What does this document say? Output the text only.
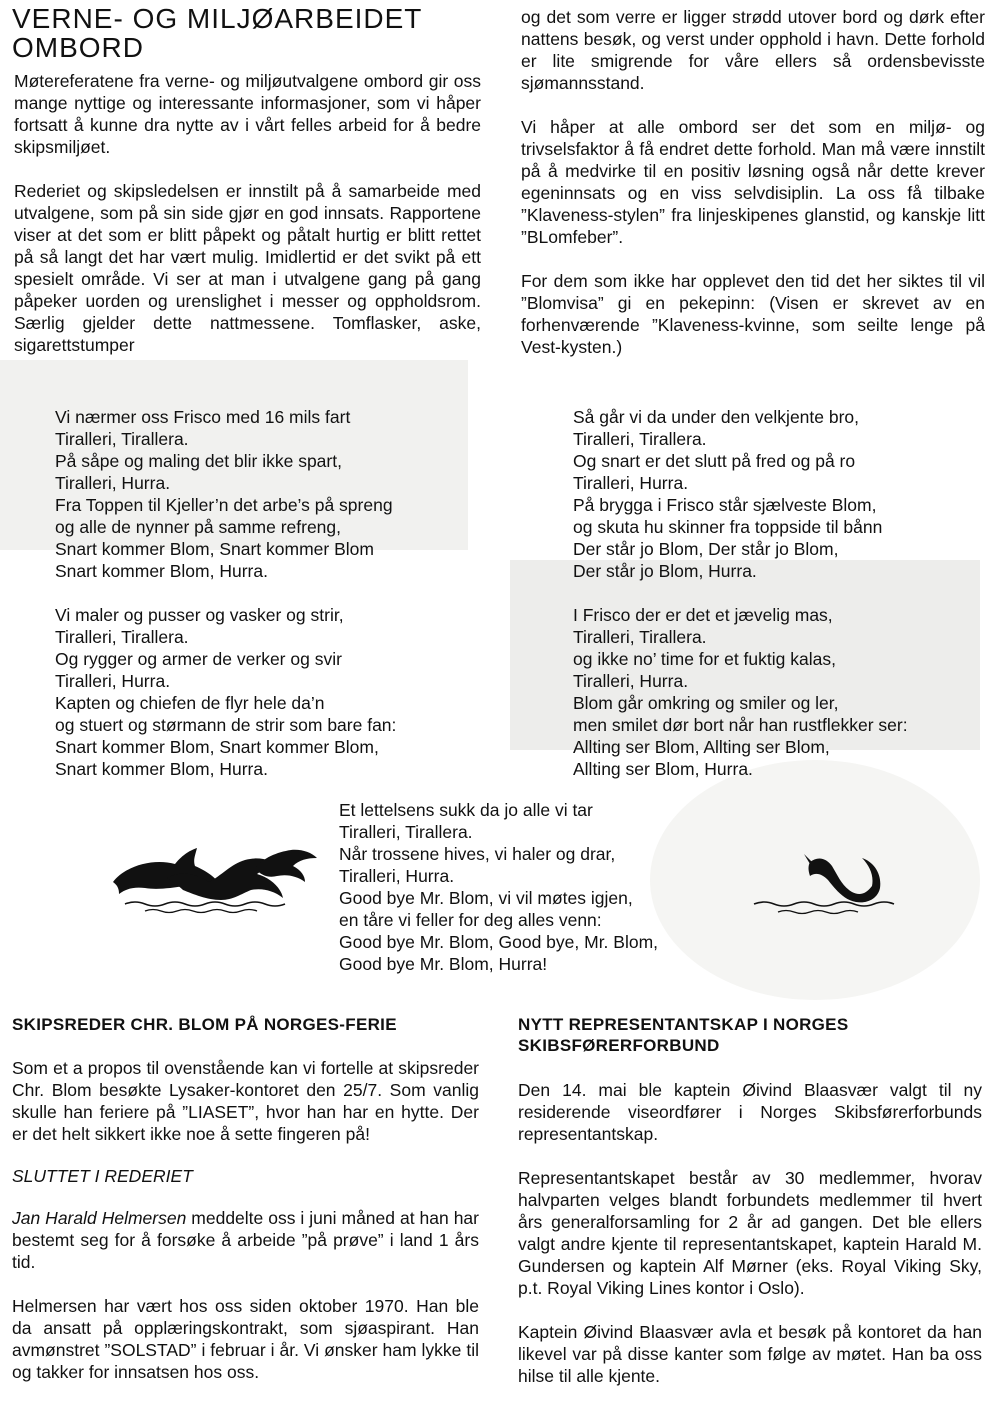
VERNE- OG MILJØARBEIDET
OMBORD

Møtereferatene fra verne- og miljøutvalgene ombord gir oss mange nyttige og interessante informasjoner, som vi håper fortsatt å kunne dra nytte av i vårt felles arbeid for å bedre skipsmiljøet.

Rederiet og skipsledelsen er innstilt på å samarbeide med utvalgene, som på sin side gjør en god innsats. Rapportene viser at det som er blitt påpekt og påtalt hurtig er blitt rettet på så langt det har vært mulig. Imidlertid er det svikt på ett spesielt område. Vi ser at man i utvalgene gang på gang påpeker uorden og urenslighet i messer og oppholdsrom. Særlig gjelder dette nattmessene. Tomflasker, aske, sigarettstumper

og det som verre er ligger strødd utover bord og dørk efter nattens besøk, og verst under opphold i havn. Dette forhold er lite smigrende for våre ellers så ordensbevisste sjømannsstand.

Vi håper at alle ombord ser det som en miljø- og trivselsfaktor å få endret dette forhold. Man må være innstilt på å medvirke til en positiv løsning også når dette krever egeninnsats og en viss selvdisiplin. La oss få tilbake ”Klaveness-stylen” fra linjeskipenes glanstid, og kanskje litt ”BLomfeber”.

For dem som ikke har opplevet den tid det her siktes til vil ”Blomvisa” gi en pekepinn: (Visen er skrevet av en forhenværende ”Klaveness-kvinne, som seilte lenge på Vest-kysten.)

Vi nærmer oss Frisco med 16 mils fart
Tiralleri, Tirallera.
På såpe og maling det blir ikke spart,
Tiralleri, Hurra.
Fra Toppen til Kjeller’n det arbe’s på spreng
og alle de nynner på samme refreng,
Snart kommer Blom, Snart kommer Blom
Snart kommer Blom, Hurra.
Vi maler og pusser og vasker og strir,
Tiralleri, Tirallera.
Og rygger og armer de verker og svir
Tiralleri, Hurra.
Kapten og chiefen de flyr hele da’n
og stuert og størmann de strir som bare fan:
Snart kommer Blom, Snart kommer Blom,
Snart kommer Blom, Hurra.
Så går vi da under den velkjente bro,
Tiralleri, Tirallera.
Og snart er det slutt på fred og på ro
Tiralleri, Hurra.
På brygga i Frisco står sjælveste Blom,
og skuta hu skinner fra toppside til bånn
Der står jo Blom, Der står jo Blom,
Der står jo Blom, Hurra.
I Frisco der er det et jævelig mas,
Tiralleri, Tirallera.
og ikke no’ time for et fuktig kalas,
Tiralleri, Hurra.
Blom går omkring og smiler og ler,
men smilet dør bort når han rustflekker ser:
Allting ser Blom, Allting ser Blom,
Allting ser Blom, Hurra.
Et lettelsens sukk da jo alle vi tar
Tiralleri, Tirallera.
Når trossene hives, vi haler og drar,
Tiralleri, Hurra.
Good bye Mr. Blom, vi vil møtes igjen,
en tåre vi feller for deg alles venn:
Good bye Mr. Blom, Good bye, Mr. Blom,
Good bye Mr. Blom, Hurra!
SKIPSREDER CHR. BLOM PÅ NORGES-FERIE

Som et a propos til ovenstående kan vi fortelle at skipsreder Chr. Blom besøkte Lysaker-kontoret den 25/7. Som vanlig skulle han feriere på ”LIASET”, hvor han har en hytte. Der er det helt sikkert ikke noe å sette fingeren på!

SLUTTET I REDERIET

Jan Harald Helmersen meddelte oss i juni måned at han har bestemt seg for å forsøke å arbeide ”på prøve” i land 1 års tid.

Helmersen har vært hos oss siden oktober 1970. Han ble da ansatt på opplæringskontrakt, som sjøaspirant. Han avmønstret ”SOLSTAD” i februar i år. Vi ønsker ham lykke til og takker for innsatsen hos oss.

NYTT REPRESENTANTSKAP I NORGES
SKIBSFØRERFORBUND

Den 14. mai ble kaptein Øivind Blaasvær valgt til ny residerende viseordfører i Norges Skibsførerforbunds representantskap.

Representantskapet består av 30 medlemmer, hvorav halvparten velges blandt forbundets medlemmer til hvert års generalforsamling for 2 år ad gangen. Det ble ellers valgt andre kjente til representantskapet, kaptein Harald M. Gundersen og kaptein Alf Mørner (eks. Royal Viking Sky, p.t. Royal Viking Lines kontor i Oslo).

Kaptein Øivind Blaasvær avla et besøk på kontoret da han likevel var på disse kanter som følge av møtet. Han ba oss hilse til alle kjente.
